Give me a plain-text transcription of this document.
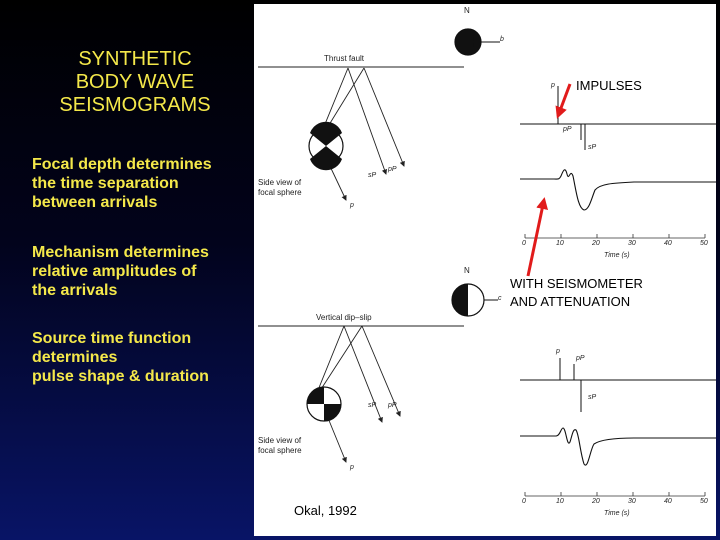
SYNTHETIC
BODY WAVE
SEISMOGRAMS
Focal depth determines
the time separation
between arrivals
Mechanism determines
relative amplitudes of
the arrivals
Source time function
determines
pulse shape & duration
N
b
Thrust fault
Side view of
focal sphere
p
sP
pP
p
pP
sP
0	10	20	30	40	50
Time (s)
N
c
Vertical dip–slip
Side view of
focal sphere
p
sP pP
p
pP
sP
0	10	20	30	40	50
Time (s)
IMPULSES
WITH SEISMOMETER
AND ATTENUATION
Okal, 1992
